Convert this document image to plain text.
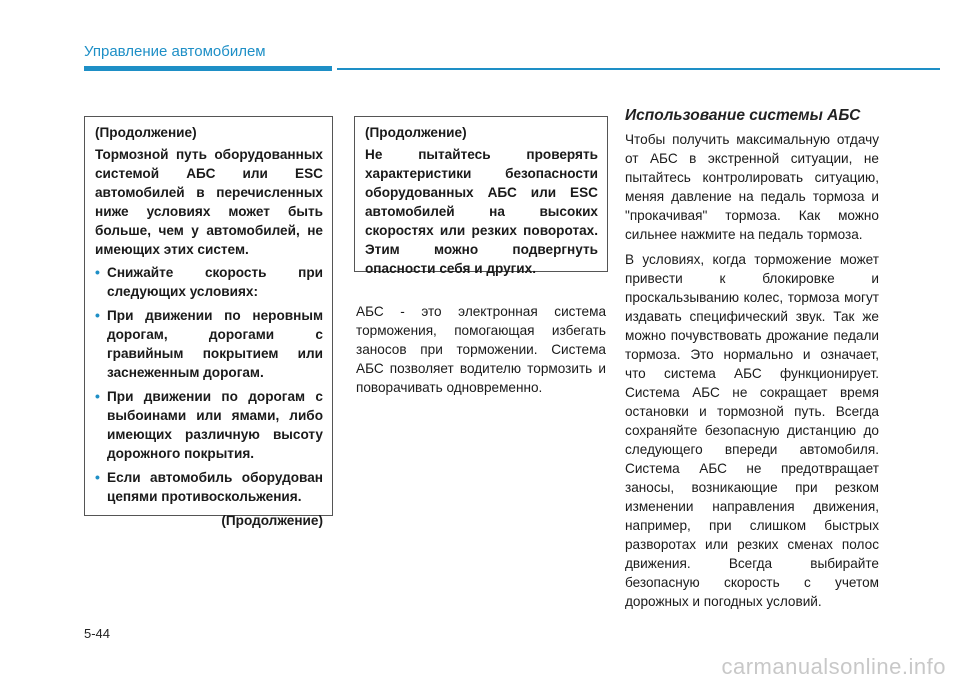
Управление автомобилем

(Продолжение)

Тормозной путь оборудованных системой АБС или ESC автомобилей в перечисленных ниже условиях может быть больше, чем у автомобилей, не имеющих этих систем.

• Снижайте скорость при следующих условиях:
• При движении по неровным дорогам, дорогами с гравийным покрытием или заснеженным дорогам.
• При движении по дорогам с выбоинами или ямами, либо имеющих различную высоту дорожного покрытия.
• Если автомобиль оборудован цепями противоскольжения.

(Продолжение)

(Продолжение)

Не пытайтесь проверять характеристики безопасности оборудованных АБС или ESC автомобилей на высоких скоростях или резких поворотах. Этим можно подвергнуть опасности себя и других.

АБС - это электронная система торможения, помогающая избегать заносов при торможении. Система АБС позволяет водителю тормозить и поворачивать одновременно.

Использование системы АБС

Чтобы получить максимальную отдачу от АБС в экстренной ситуации, не пытайтесь контролировать ситуацию, меняя давление на педаль тормоза и "прокачивая" тормоза. Как можно сильнее нажмите на педаль тормоза.

В условиях, когда торможение может привести к блокировке и проскальзыванию колес, тормоза могут издавать специфический звук. Так же можно почувствовать дрожание педали тормоза. Это нормально и означает, что система АБС функционирует. Система АБС не сокращает время остановки и тормозной путь. Всегда сохраняйте безопасную дистанцию до следующего впереди автомобиля. Система АБС не предотвращает заносы, возникающие при резком изменении направления движения, например, при слишком быстрых разворотах или резких сменах полос движения. Всегда выбирайте безопасную скорость с учетом дорожных и погодных условий.

5-44
carmanualsonline.info
